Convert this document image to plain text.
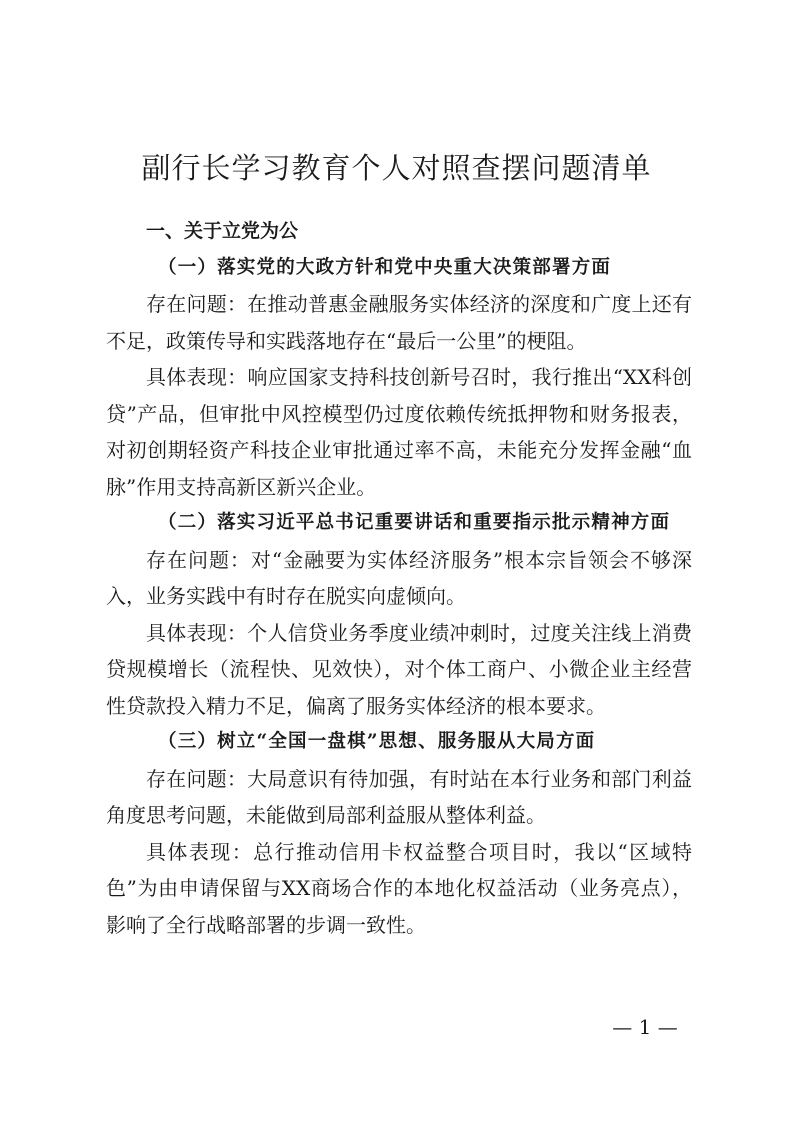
副行长学习教育个人对照查摆问题清单

一、关于立党为公

（一）落实党的大政方针和党中央重大决策部署方面

存在问题：在推动普惠金融服务实体经济的深度和广度上还有不足，政策传导和实践落地存在“最后一公里”的梗阻。

具体表现：响应国家支持科技创新号召时，我行推出“XX科创贷”产品，但审批中风控模型仍过度依赖传统抵押物和财务报表，对初创期轻资产科技企业审批通过率不高，未能充分发挥金融“血脉”作用支持高新区新兴企业。

（二）落实习近平总书记重要讲话和重要指示批示精神方面

存在问题：对“金融要为实体经济服务”根本宗旨领会不够深入，业务实践中有时存在脱实向虚倾向。

具体表现：个人信贷业务季度业绩冲刺时，过度关注线上消费贷规模增长（流程快、见效快），对个体工商户、小微企业主经营性贷款投入精力不足，偏离了服务实体经济的根本要求。

（三）树立“全国一盘棋”思想、服务服从大局方面

存在问题：大局意识有待加强，有时站在本行业务和部门利益角度思考问题，未能做到局部利益服从整体利益。

具体表现：总行推动信用卡权益整合项目时，我以“区域特色”为由申请保留与XX商场合作的本地化权益活动（业务亮点），影响了全行战略部署的步调一致性。

— 1 —
